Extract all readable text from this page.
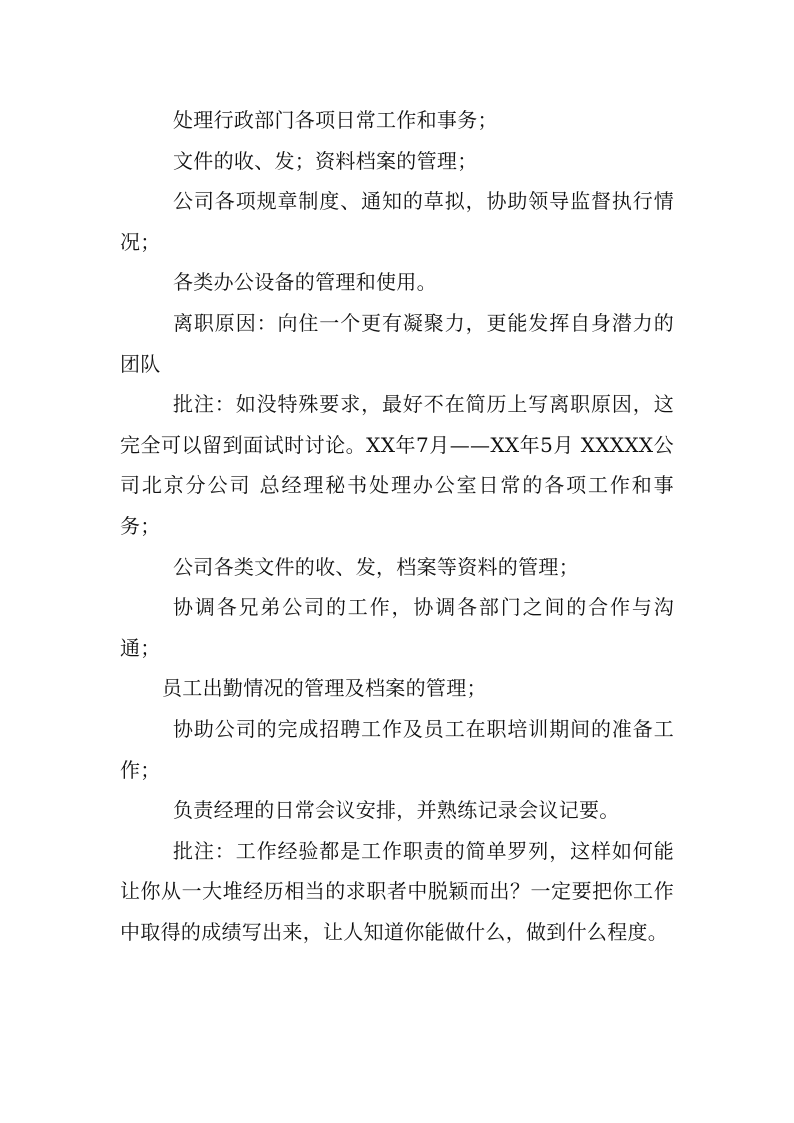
处理行政部门各项日常工作和事务；

文件的收、发；资料档案的管理；

公司各项规章制度、通知的草拟，协助领导监督执行情况；

各类办公设备的管理和使用。

离职原因：向住一个更有凝聚力，更能发挥自身潜力的团队

批注：如没特殊要求，最好不在简历上写离职原因，这完全可以留到面试时讨论。XX年7月——XX年5月 XXXXX公司北京分公司 总经理秘书处理办公室日常的各项工作和事务；

公司各类文件的收、发，档案等资料的管理；

协调各兄弟公司的工作，协调各部门之间的合作与沟通；

员工出勤情况的管理及档案的管理；

协助公司的完成招聘工作及员工在职培训期间的准备工作；

负责经理的日常会议安排，并熟练记录会议记要。

批注：工作经验都是工作职责的简单罗列，这样如何能让你从一大堆经历相当的求职者中脱颖而出？一定要把你工作中取得的成绩写出来，让人知道你能做什么，做到什么程度。
